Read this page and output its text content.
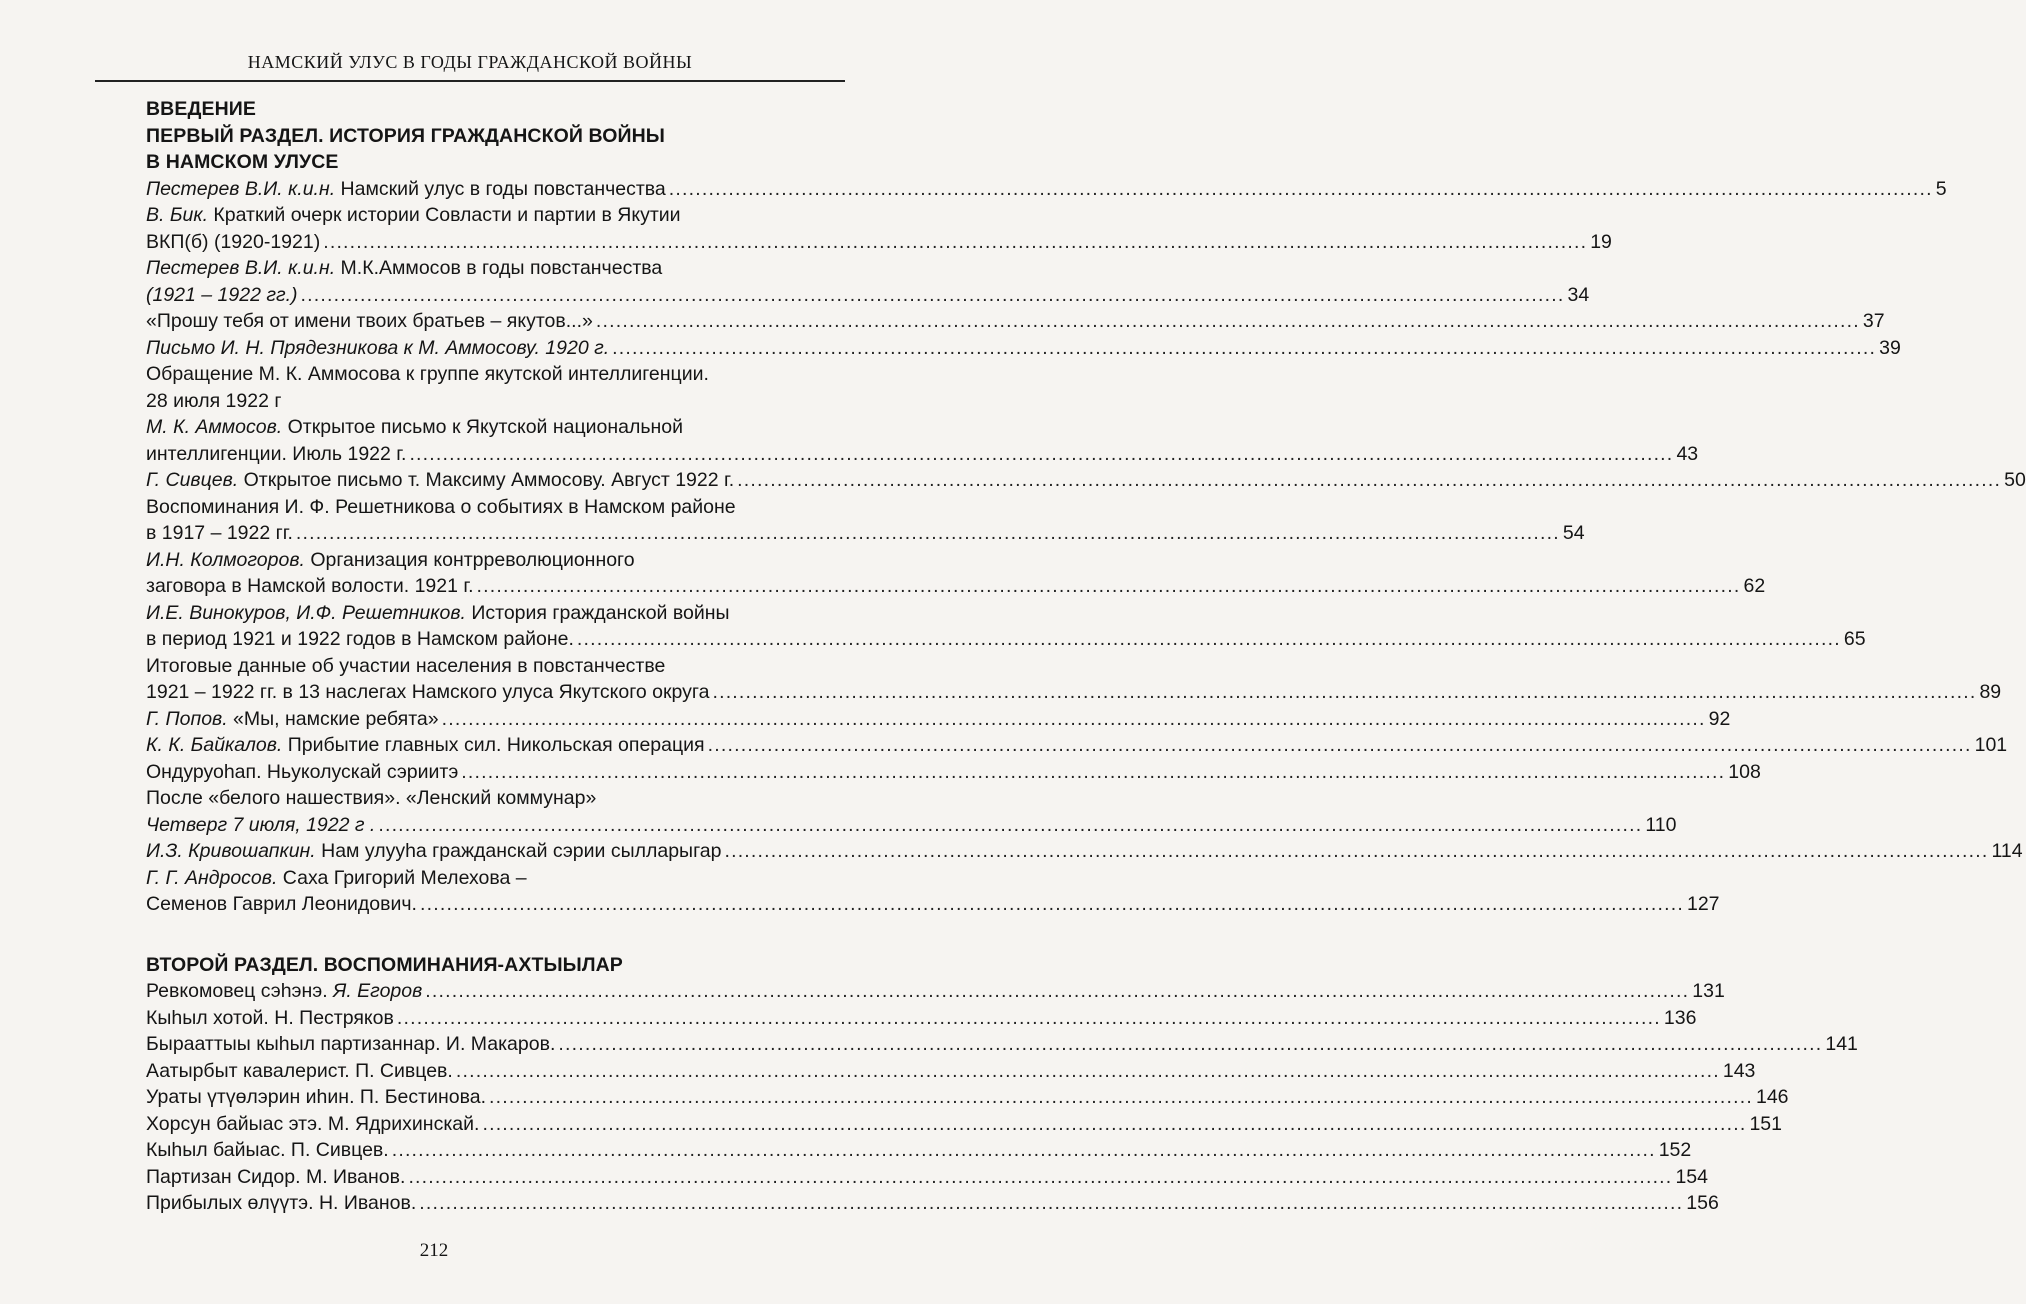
НАМСКИЙ УЛУС В ГОДЫ ГРАЖДАНСКОЙ ВОЙНЫ
ВВЕДЕНИЕ
ПЕРВЫЙ РАЗДЕЛ. ИСТОРИЯ ГРАЖДАНСКОЙ ВОЙНЫ
В НАМСКОМ УЛУСЕ
Пестерев В.И. к.и.н. Намский улус в годы повстанчества .....	5
В. Бик. Краткий очерк истории Совласти и партии в Якутии
ВКП(б) (1920-1921) .....	19
Пестерев В.И. к.и.н. М.К.Аммосов в годы повстанчества
(1921 – 1922 гг.) .....	34
«Прошу тебя от имени твоих братьев – якутов...» .....	37
Письмо И. Н. Прядезникова к М. Аммосову. 1920 г. .....	39
Обращение М. К. Аммосова к группе якутской интеллигенции.
28 июля 1922 г
М. К. Аммосов. Открытое письмо к Якутской национальной
интеллигенции. Июль 1922 г. .....	43
Г. Сивцев. Открытое письмо т. Максиму Аммосову. Август 1922 г. .....	50
Воспоминания И. Ф. Решетникова о событиях в Намском районе
в 1917 – 1922 гг. .....	54
И.Н. Колмогоров. Организация контрреволюционного
заговора в Намской волости. 1921 г. .....	62
И.Е. Винокуров, И.Ф. Решетников. История гражданской войны
в период 1921 и 1922 годов в Намском районе. .....	65
Итоговые данные об участии населения в повстанчестве
1921 – 1922 гг. в 13 наслегах Намского улуса Якутского округа .....	89
Г. Попов. «Мы, намские ребята» .....	92
К. К. Байкалов. Прибытие главных сил. Никольская операция .....	101
Ондуруоhап. Ньуколускай сэриитэ .....	108
После «белого нашествия». «Ленский коммунар»
Четверг 7 июля, 1922 г . .....	110
И.З. Кривошапкин. Нам улууhа гражданскай сэрии сылларыгар .....	114
Г. Г. Андросов. Саха Григорий Мелехова –
Семенов Гаврил Леонидович. .....	127
ВТОРОЙ РАЗДЕЛ. ВОСПОМИНАНИЯ-АХТЫЫЛАР
Ревкомовец сэhэнэ. Я. Егоров .....	131
Кыhыл хотой. Н. Пестряков .....	136
Бырааттыы кыhыл партизаннар. И. Макаров. .....	141
Аатырбыт кавалерист. П. Сивцев. .....	143
Ураты үтүөлэрин иhин. П. Бестинова. .....	146
Хорсун байыас этэ. М. Ядрихинскай. .....	151
Кыhыл байыас. П. Сивцев. .....	152
Партизан Сидор. М. Иванов. .....	154
Прибылых өлүүтэ. Н. Иванов. .....	156
212
